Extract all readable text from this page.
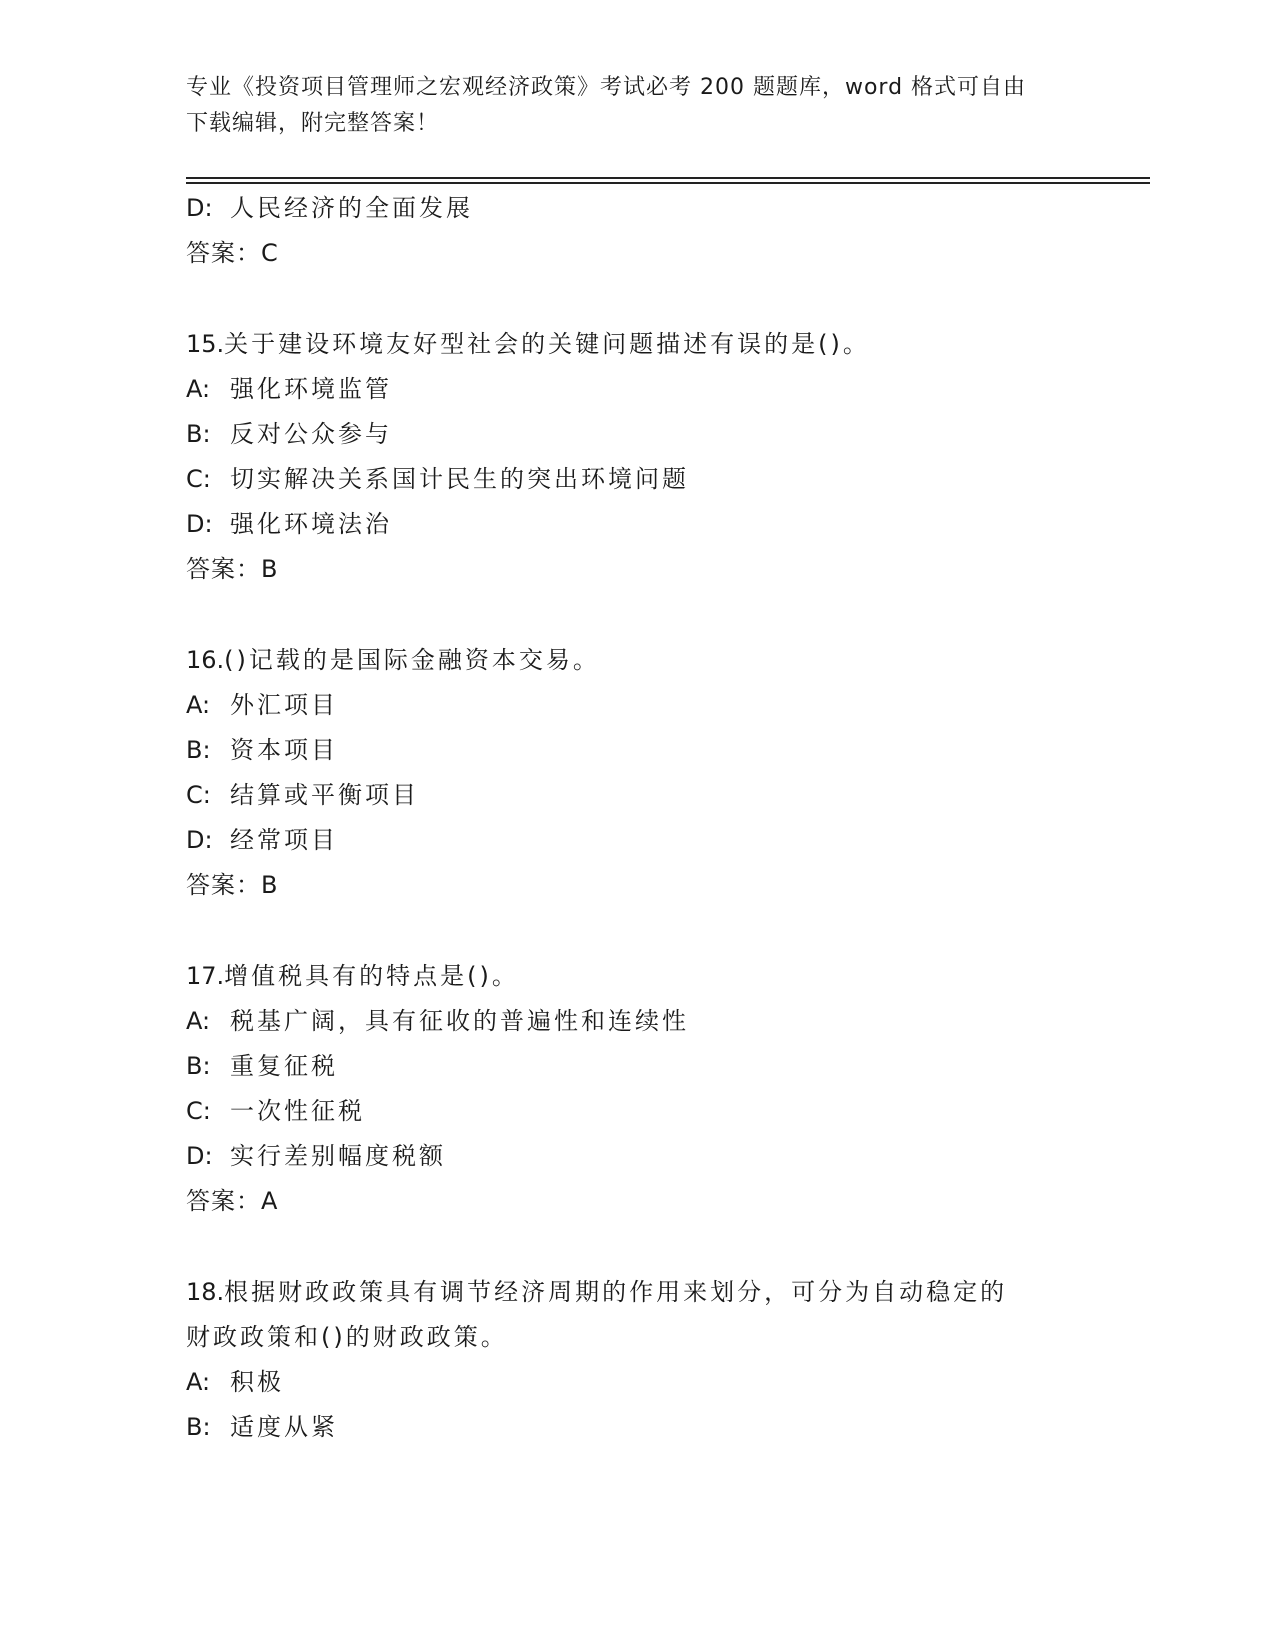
专业《投资项目管理师之宏观经济政策》考试必考 200 题题库，word 格式可自由
下载编辑，附完整答案！
D: 人民经济的全面发展
答案：C
15.关于建设环境友好型社会的关键问题描述有误的是()。
A: 强化环境监管
B: 反对公众参与
C: 切实解决关系国计民生的突出环境问题
D: 强化环境法治
答案：B
16.()记载的是国际金融资本交易。
A: 外汇项目
B: 资本项目
C: 结算或平衡项目
D: 经常项目
答案：B
17.增值税具有的特点是()。
A: 税基广阔，具有征收的普遍性和连续性
B: 重复征税
C: 一次性征税
D: 实行差别幅度税额
答案：A
18.根据财政政策具有调节经济周期的作用来划分，可分为自动稳定的
财政政策和()的财政政策。
A: 积极
B: 适度从紧
